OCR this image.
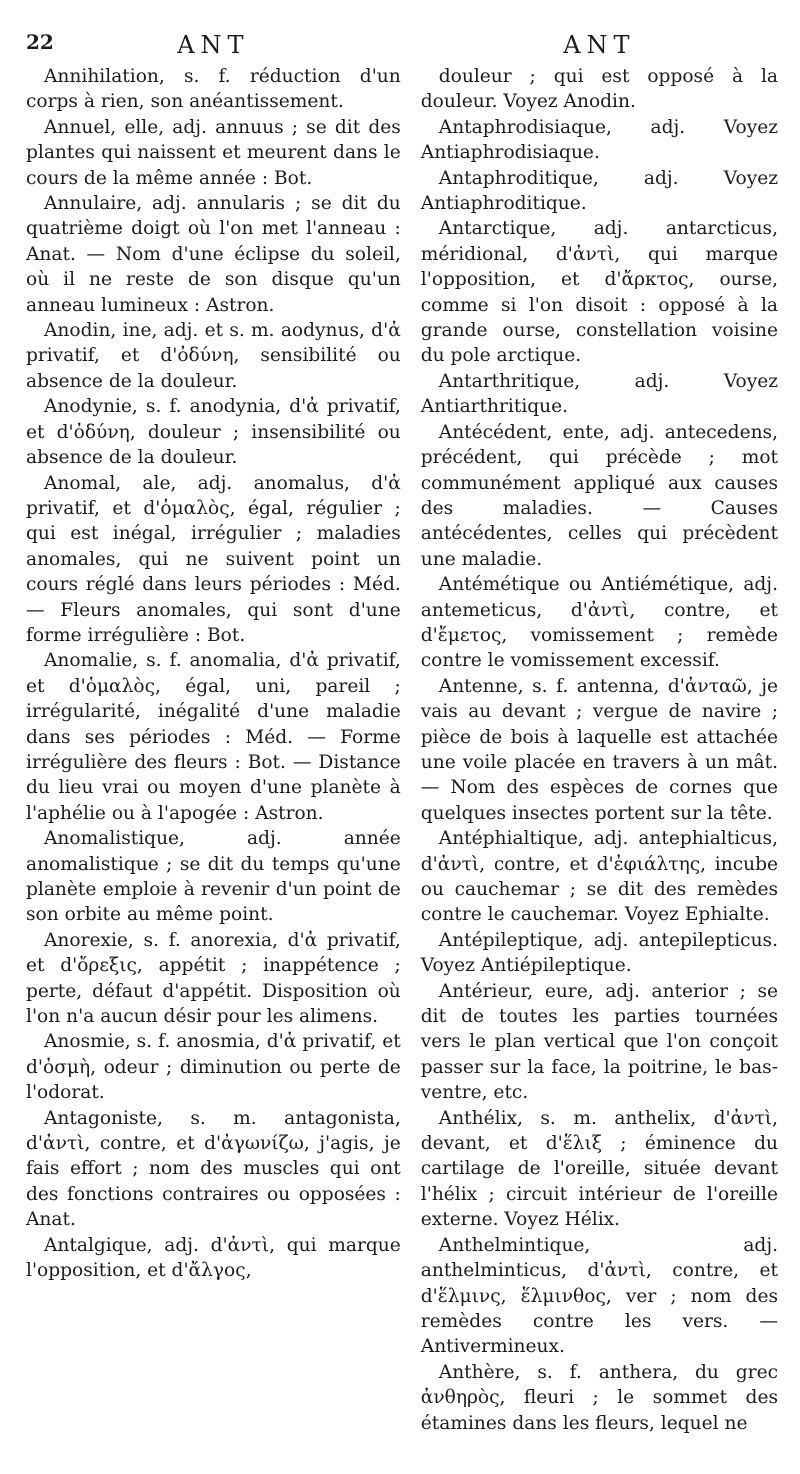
22	ANT	ANT

Annihilation, s. f. réduction d'un corps à rien, son anéantissement.

Annuel, elle, adj. annuus ; se dit des plantes qui naissent et meurent dans le cours de la même année : Bot.

Annulaire, adj. annularis ; se dit du quatrième doigt où l'on met l'anneau : Anat. — Nom d'une éclipse du soleil, où il ne reste de son disque qu'un anneau lumineux : Astron.

Anodin, ine, adj. et s. m. aodynus, d'ἀ privatif, et d'ὀδύνη, sensibilité ou absence de la douleur.

Anodynie, s. f. anodynia, d'ἀ privatif, et d'ὀδύνη, douleur ; insensibilité ou absence de la douleur.

Anomal, ale, adj. anomalus, d'ἀ privatif, et d'ὁμαλὸς, égal, régulier ; qui est inégal, irrégulier ; maladies anomales, qui ne suivent point un cours réglé dans leurs périodes : Méd. — Fleurs anomales, qui sont d'une forme irrégulière : Bot.

Anomalie, s. f. anomalia, d'ἀ privatif, et d'ὁμαλὸς, égal, uni, pareil ; irrégularité, inégalité d'une maladie dans ses périodes : Méd. — Forme irrégulière des fleurs : Bot. — Distance du lieu vrai ou moyen d'une planète à l'aphélie ou à l'apogée : Astron.

Anomalistique, adj. année anomalistique ; se dit du temps qu'une planète emploie à revenir d'un point de son orbite au même point.

Anorexie, s. f. anorexia, d'ἀ privatif, et d'ὄρεξις, appétit ; inappétence ; perte, défaut d'appétit. Disposition où l'on n'a aucun désir pour les alimens.

Anosmie, s. f. anosmia, d'ἀ privatif, et d'ὀσμὴ, odeur ; diminution ou perte de l'odorat.

Antagoniste, s. m. antagonista, d'ἀντὶ, contre, et d'ἀγωνίζω, j'agis, je fais effort ; nom des muscles qui ont des fonctions contraires ou opposées : Anat.

Antalgique, adj. d'ἀντὶ, qui marque l'opposition, et d'ἄλγος,

douleur ; qui est opposé à la douleur. Voyez Anodin.

Antaphrodisiaque, adj. Voyez Antiaphrodisiaque.

Antaphroditique, adj. Voyez Antiaphroditique.

Antarctique, adj. antarcticus, méridional, d'ἀντὶ, qui marque l'opposition, et d'ἄρκτος, ourse, comme si l'on disoit : opposé à la grande ourse, constellation voisine du pole arctique.

Antarthritique, adj. Voyez Antiarthritique.

Antécédent, ente, adj. antecedens, précédent, qui précède ; mot communément appliqué aux causes des maladies. — Causes antécédentes, celles qui précèdent une maladie.

Antémétique ou Antiémétique, adj. antemeticus, d'ἀντὶ, contre, et d'ἔμετος, vomissement ; remède contre le vomissement excessif.

Antenne, s. f. antenna, d'ἀνταῶ, je vais au devant ; vergue de navire ; pièce de bois à laquelle est attachée une voile placée en travers à un mât. — Nom des espèces de cornes que quelques insectes portent sur la tête.

Antéphialtique, adj. antephialticus, d'ἀντὶ, contre, et d'ἐφιάλτης, incube ou cauchemar ; se dit des remèdes contre le cauchemar. Voyez Ephialte.

Antépileptique, adj. antepilepticus. Voyez Antiépileptique.

Antérieur, eure, adj. anterior ; se dit de toutes les parties tournées vers le plan vertical que l'on conçoit passer sur la face, la poitrine, le bas-ventre, etc.

Anthélix, s. m. anthelix, d'ἀντὶ, devant, et d'ἕλιξ ; éminence du cartilage de l'oreille, située devant l'hélix ; circuit intérieur de l'oreille externe. Voyez Hélix.

Anthelmintique, adj. anthelminticus, d'ἀντὶ, contre, et d'ἕλμινς, ἕλμινθος, ver ; nom des remèdes contre les vers. — Antivermineux.

Anthère, s. f. anthera, du grec ἀνθηρὸς, fleuri ; le sommet des étamines dans les fleurs, lequel ne
